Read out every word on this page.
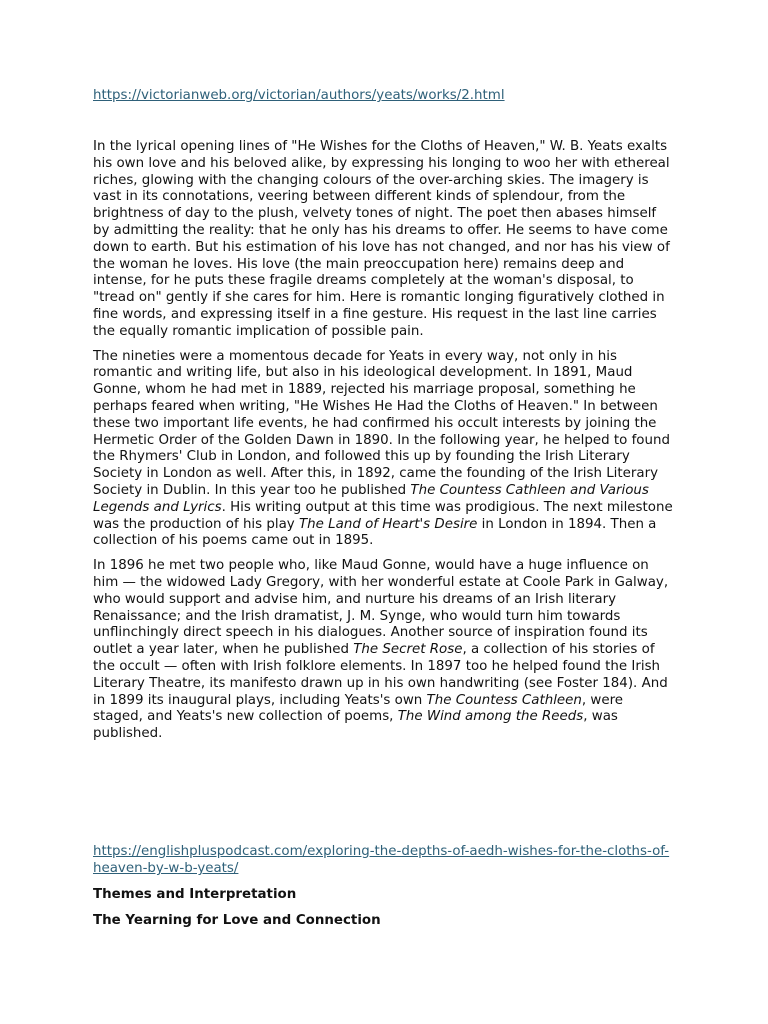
https://victorianweb.org/victorian/authors/yeats/works/2.html

In the lyrical opening lines of "He Wishes for the Cloths of Heaven," W. B. Yeats exalts his own love and his beloved alike, by expressing his longing to woo her with ethereal riches, glowing with the changing colours of the over-arching skies. The imagery is vast in its connotations, veering between different kinds of splendour, from the brightness of day to the plush, velvety tones of night. The poet then abases himself by admitting the reality: that he only has his dreams to offer. He seems to have come down to earth. But his estimation of his love has not changed, and nor has his view of the woman he loves. His love (the main preoccupation here) remains deep and intense, for he puts these fragile dreams completely at the woman's disposal, to "tread on" gently if she cares for him. Here is romantic longing figuratively clothed in fine words, and expressing itself in a fine gesture. His request in the last line carries the equally romantic implication of possible pain.

The nineties were a momentous decade for Yeats in every way, not only in his romantic and writing life, but also in his ideological development. In 1891, Maud Gonne, whom he had met in 1889, rejected his marriage proposal, something he perhaps feared when writing, "He Wishes He Had the Cloths of Heaven." In between these two important life events, he had confirmed his occult interests by joining the Hermetic Order of the Golden Dawn in 1890. In the following year, he helped to found the Rhymers' Club in London, and followed this up by founding the Irish Literary Society in London as well. After this, in 1892, came the founding of the Irish Literary Society in Dublin. In this year too he published The Countess Cathleen and Various Legends and Lyrics. His writing output at this time was prodigious. The next milestone was the production of his play The Land of Heart's Desire in London in 1894. Then a collection of his poems came out in 1895.

In 1896 he met two people who, like Maud Gonne, would have a huge influence on him — the widowed Lady Gregory, with her wonderful estate at Coole Park in Galway, who would support and advise him, and nurture his dreams of an Irish literary Renaissance; and the Irish dramatist, J. M. Synge, who would turn him towards unflinchingly direct speech in his dialogues. Another source of inspiration found its outlet a year later, when he published The Secret Rose, a collection of his stories of the occult — often with Irish folklore elements. In 1897 too he helped found the Irish Literary Theatre, its manifesto drawn up in his own handwriting (see Foster 184). And in 1899 its inaugural plays, including Yeats's own The Countess Cathleen, were staged, and Yeats's new collection of poems, The Wind among the Reeds, was published.

https://englishpluspodcast.com/exploring-the-depths-of-aedh-wishes-for-the-cloths-of-heaven-by-w-b-yeats/
Themes and Interpretation
The Yearning for Love and Connection
